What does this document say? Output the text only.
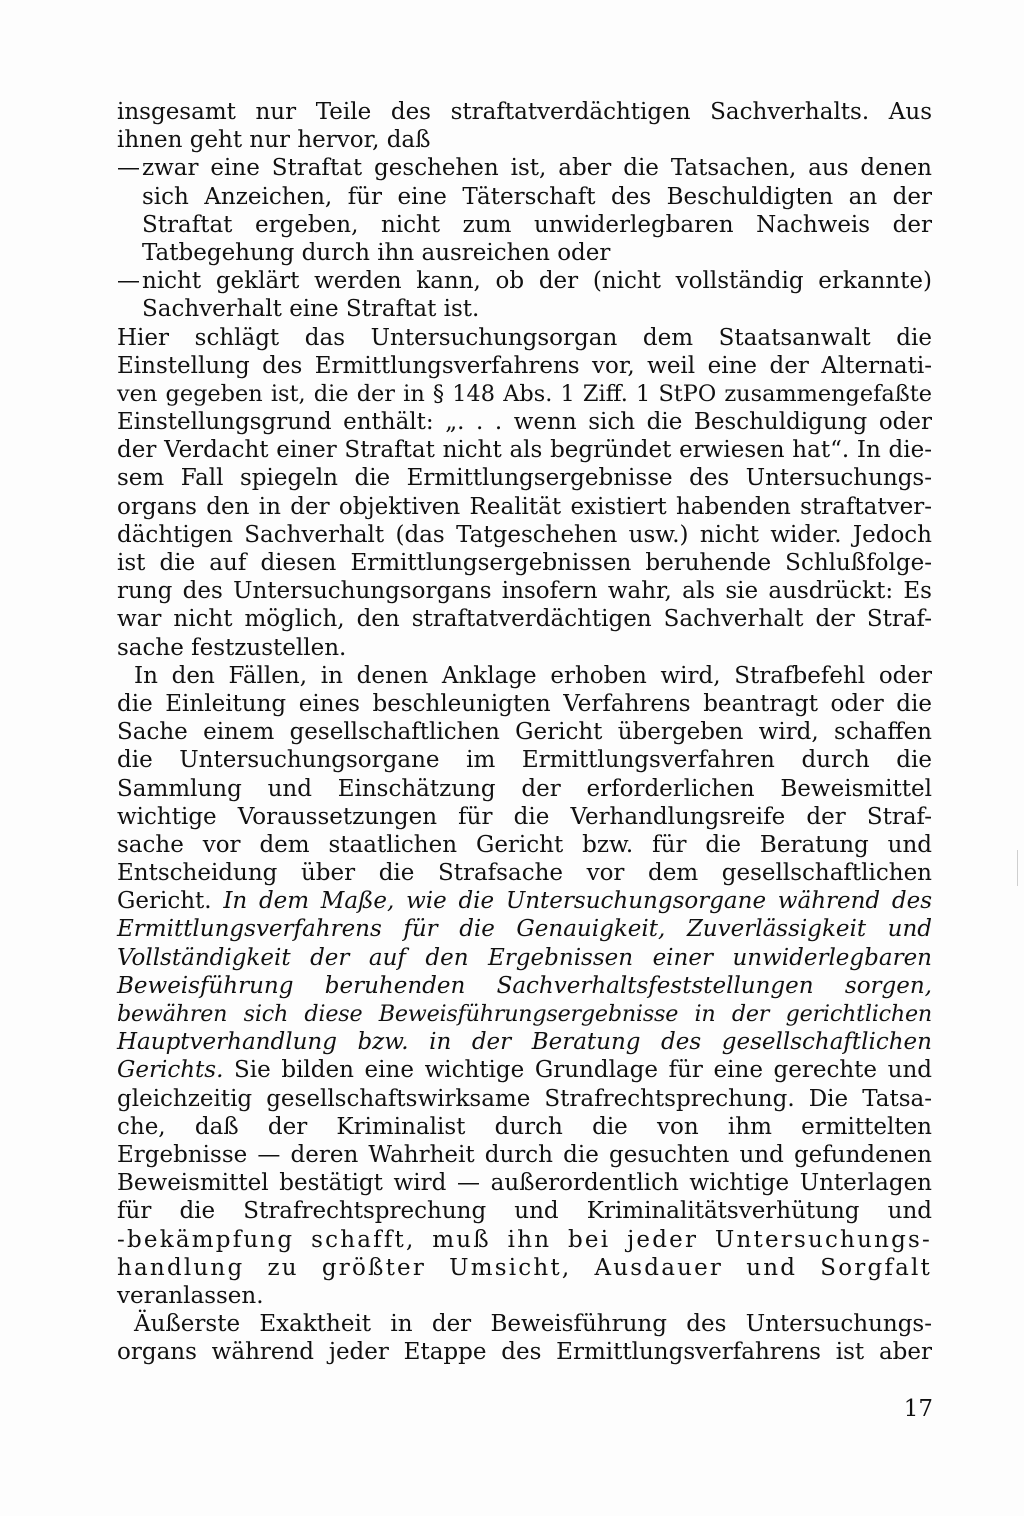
insgesamt nur Teile des straftatverdächtigen Sachverhalts. Aus
ihnen geht nur hervor, daß
— zwar eine Straftat geschehen ist, aber die Tatsachen, aus denen
sich Anzeichen, für eine Täterschaft des Beschuldigten an der
Straftat ergeben, nicht zum unwiderlegbaren Nachweis der
Tatbegehung durch ihn ausreichen oder
— nicht geklärt werden kann, ob der (nicht vollständig erkannte)
Sachverhalt eine Straftat ist.
Hier schlägt das Untersuchungsorgan dem Staatsanwalt die
Einstellung des Ermittlungsverfahrens vor, weil eine der Alternati-
ven gegeben ist, die der in § 148 Abs. 1 Ziff. 1 StPO zusammengefaßte
Einstellungsgrund enthält: „. . . wenn sich die Beschuldigung oder
der Verdacht einer Straftat nicht als begründet erwiesen hat“. In die-
sem Fall spiegeln die Ermittlungsergebnisse des Untersuchungs-
organs den in der objektiven Realität existiert habenden straftatver-
dächtigen Sachverhalt (das Tatgeschehen usw.) nicht wider. Jedoch
ist die auf diesen Ermittlungsergebnissen beruhende Schlußfolge-
rung des Untersuchungsorgans insofern wahr, als sie ausdrückt: Es
war nicht möglich, den straftatverdächtigen Sachverhalt der Straf-
sache festzustellen.
In den Fällen, in denen Anklage erhoben wird, Strafbefehl oder
die Einleitung eines beschleunigten Verfahrens beantragt oder die
Sache einem gesellschaftlichen Gericht übergeben wird, schaffen
die Untersuchungsorgane im Ermittlungsverfahren durch die
Sammlung und Einschätzung der erforderlichen Beweismittel
wichtige Voraussetzungen für die Verhandlungsreife der Straf-
sache vor dem staatlichen Gericht bzw. für die Beratung und
Entscheidung über die Strafsache vor dem gesellschaftlichen
Gericht. In dem Maße, wie die Untersuchungsorgane während des
Ermittlungsverfahrens für die Genauigkeit, Zuverlässigkeit und
Vollständigkeit der auf den Ergebnissen einer unwiderlegbaren
Beweisführung beruhenden Sachverhaltsfeststellungen sorgen,
bewähren sich diese Beweisführungsergebnisse in der gerichtlichen
Hauptverhandlung bzw. in der Beratung des gesellschaftlichen
Gerichts. Sie bilden eine wichtige Grundlage für eine gerechte und
gleichzeitig gesellschaftswirksame Strafrechtsprechung. Die Tatsa-
che, daß der Kriminalist durch die von ihm ermittelten
Ergebnisse — deren Wahrheit durch die gesuchten und gefundenen
Beweismittel bestätigt wird — außerordentlich wichtige Unterlagen
für die Strafrechtsprechung und Kriminalitätsverhütung und
-bekämpfung schafft, muß ihn bei jeder Untersuchungs-
handlung zu größter Umsicht, Ausdauer und Sorgfalt
veranlassen.
Äußerste Exaktheit in der Beweisführung des Untersuchungs-
organs während jeder Etappe des Ermittlungsverfahrens ist aber
17
